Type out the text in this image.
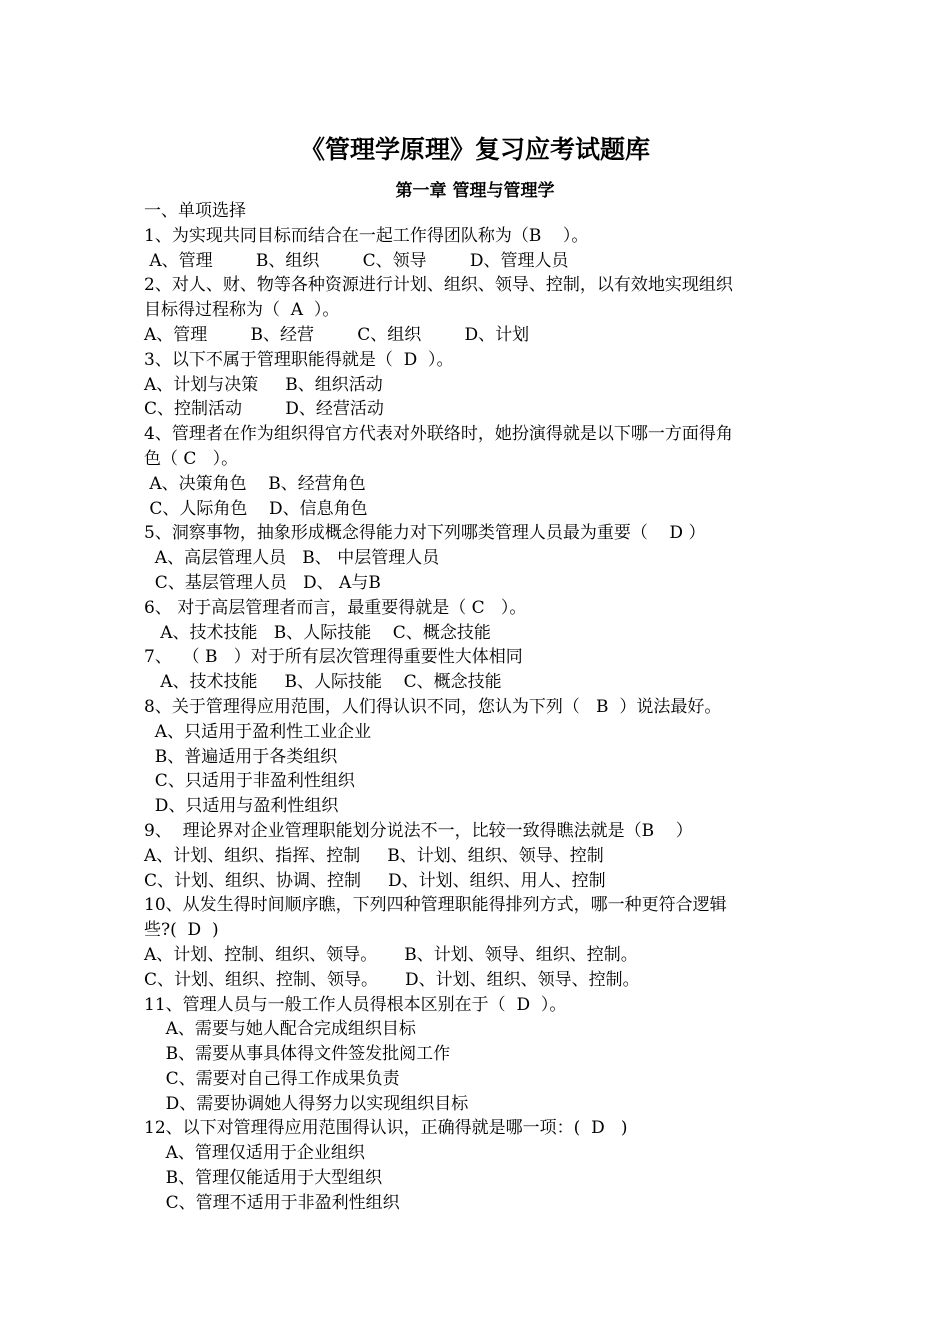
《管理学原理》复习应考试题库
第一章 管理与管理学
一、单项选择
1、为实现共同目标而结合在一起工作得团队称为（B    ）。
A、管理        B、组织        C、领导        D、管理人员
2、对人、财、物等各种资源进行计划、组织、领导、控制，以有效地实现组织
目标得过程称为（  A  ）。
A、管理        B、经营        C、组织        D、计划
3、以下不属于管理职能得就是（  D  ）。
A、计划与决策     B、组织活动
C、控制活动        D、经营活动
4、管理者在作为组织得官方代表对外联络时，她扮演得就是以下哪一方面得角
色（ C   ）。
A、决策角色    B、经营角色
C、人际角色    D、信息角色
5、洞察事物，抽象形成概念得能力对下列哪类管理人员最为重要（    D ）
A、高层管理人员   B、 中层管理人员
C、基层管理人员   D、 A与B
6、 对于高层管理者而言，最重要得就是（ C   ）。
A、技术技能   B、人际技能    C、概念技能
7、  （ B   ）对于所有层次管理得重要性大体相同
A、技术技能     B、人际技能    C、概念技能
8、关于管理得应用范围，人们得认识不同，您认为下列（   B  ）说法最好。
A、只适用于盈利性工业企业
B、普遍适用于各类组织
C、只适用于非盈利性组织
D、只适用与盈利性组织
9、  理论界对企业管理职能划分说法不一，比较一致得瞧法就是（B    ）
A、计划、组织、指挥、控制     B、计划、组织、领导、控制
C、计划、组织、协调、控制     D、计划、组织、用人、控制
10、从发生得时间顺序瞧，下列四种管理职能得排列方式，哪一种更符合逻辑
些?(  D  )
A、计划、控制、组织、领导。     B、计划、领导、组织、控制。
C、计划、组织、控制、领导。     D、计划、组织、领导、控制。
11、管理人员与一般工作人员得根本区别在于（  D  ）。
A、需要与她人配合完成组织目标
B、需要从事具体得文件签发批阅工作
C、需要对自己得工作成果负责
D、需要协调她人得努力以实现组织目标
12、以下对管理得应用范围得认识，正确得就是哪一项：(  D   )
A、管理仅适用于企业组织
B、管理仅能适用于大型组织
C、管理不适用于非盈利性组织
